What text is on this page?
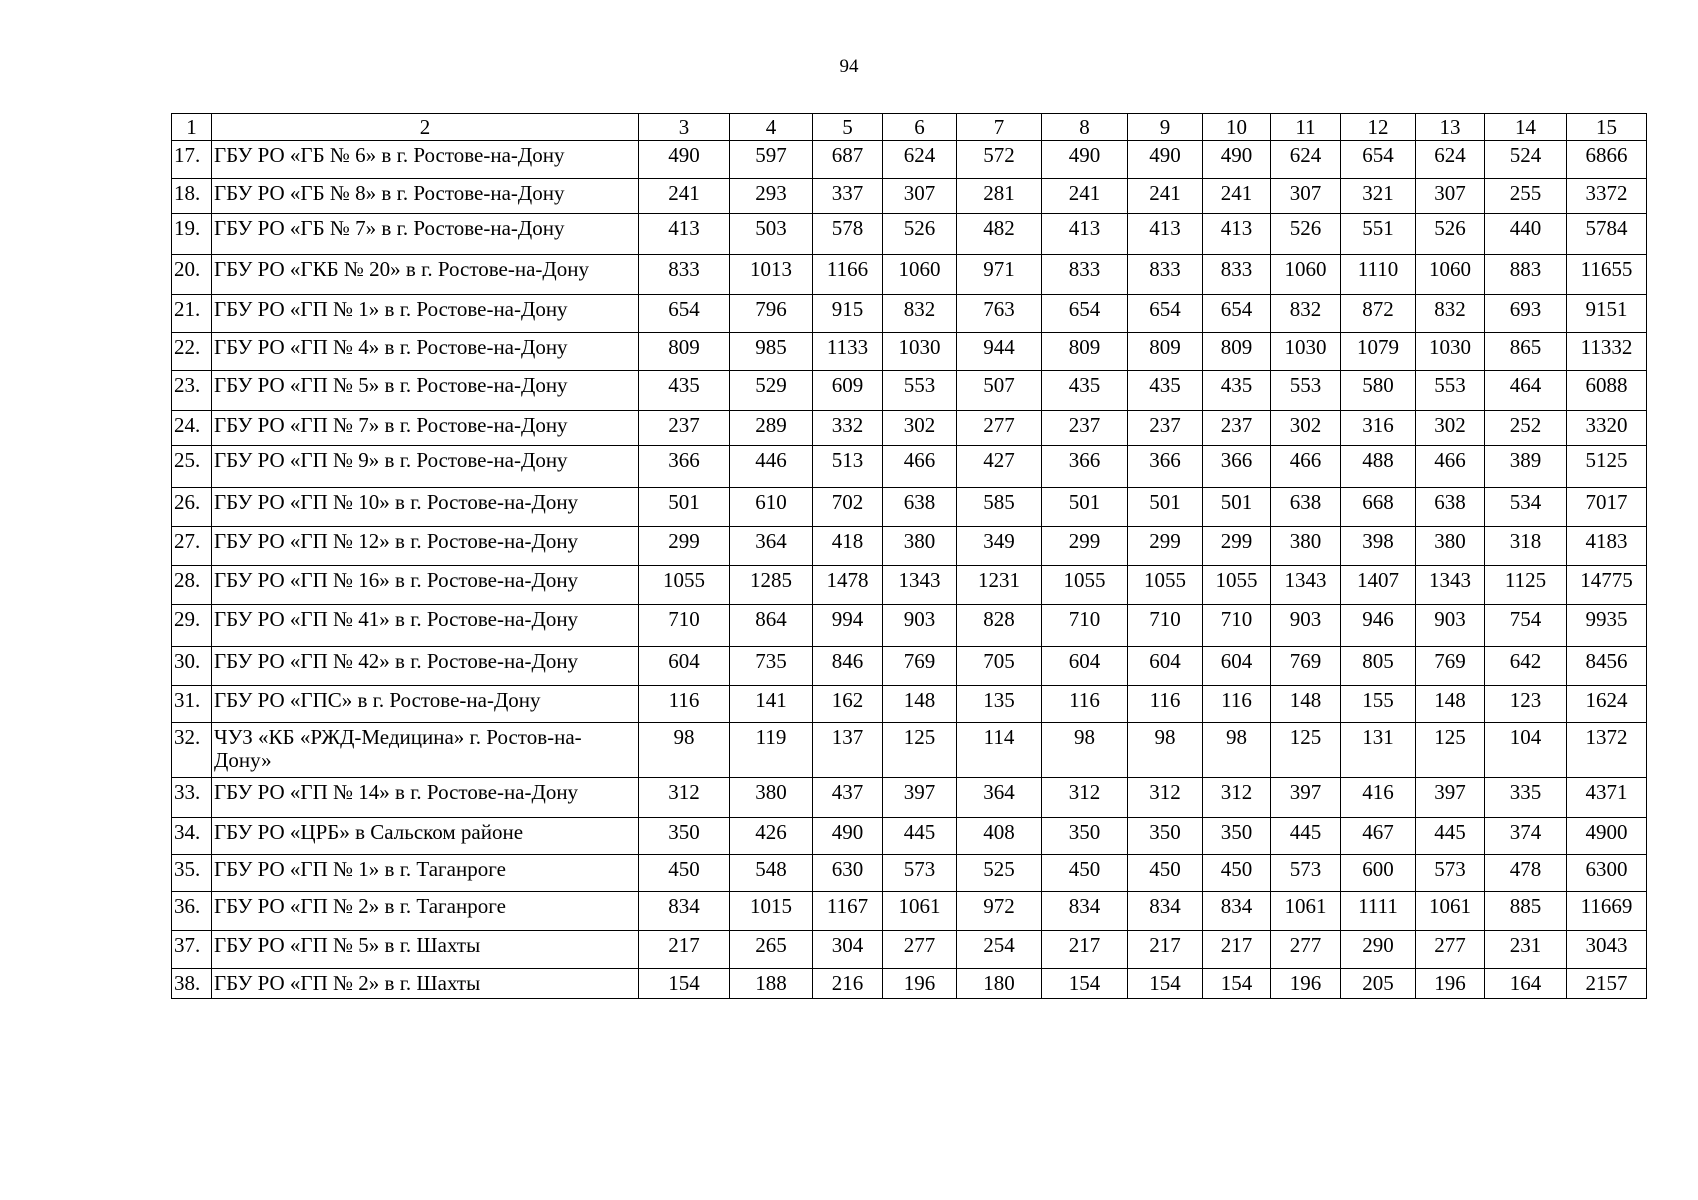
94
1	2	3	4	5	6	7	8	9	10	11	12	13	14	15
17.	ГБУ РО «ГБ № 6» в г. Ростове-на-Дону	490	597	687	624	572	490	490	490	624	654	624	524	6866
18.	ГБУ РО «ГБ № 8» в г. Ростове-на-Дону	241	293	337	307	281	241	241	241	307	321	307	255	3372
19.	ГБУ РО «ГБ № 7» в г. Ростове-на-Дону	413	503	578	526	482	413	413	413	526	551	526	440	5784
20.	ГБУ РО «ГКБ № 20» в г. Ростове-на-Дону	833	1013	1166	1060	971	833	833	833	1060	1110	1060	883	11655
21.	ГБУ РО «ГП № 1» в г. Ростове-на-Дону	654	796	915	832	763	654	654	654	832	872	832	693	9151
22.	ГБУ РО «ГП № 4» в г. Ростове-на-Дону	809	985	1133	1030	944	809	809	809	1030	1079	1030	865	11332
23.	ГБУ РО «ГП № 5» в г. Ростове-на-Дону	435	529	609	553	507	435	435	435	553	580	553	464	6088
24.	ГБУ РО «ГП № 7» в г. Ростове-на-Дону	237	289	332	302	277	237	237	237	302	316	302	252	3320
25.	ГБУ РО «ГП № 9» в г. Ростове-на-Дону	366	446	513	466	427	366	366	366	466	488	466	389	5125
26.	ГБУ РО «ГП № 10» в г. Ростове-на-Дону	501	610	702	638	585	501	501	501	638	668	638	534	7017
27.	ГБУ РО «ГП № 12» в г. Ростове-на-Дону	299	364	418	380	349	299	299	299	380	398	380	318	4183
28.	ГБУ РО «ГП № 16» в г. Ростове-на-Дону	1055	1285	1478	1343	1231	1055	1055	1055	1343	1407	1343	1125	14775
29.	ГБУ РО «ГП № 41» в г. Ростове-на-Дону	710	864	994	903	828	710	710	710	903	946	903	754	9935
30.	ГБУ РО «ГП № 42» в г. Ростове-на-Дону	604	735	846	769	705	604	604	604	769	805	769	642	8456
31.	ГБУ РО «ГПС» в г. Ростове-на-Дону	116	141	162	148	135	116	116	116	148	155	148	123	1624
32.	ЧУЗ «КБ «РЖД-Медицина» г. Ростов-на-Дону»	98	119	137	125	114	98	98	98	125	131	125	104	1372
33.	ГБУ РО «ГП № 14» в г. Ростове-на-Дону	312	380	437	397	364	312	312	312	397	416	397	335	4371
34.	ГБУ РО «ЦРБ» в Сальском районе	350	426	490	445	408	350	350	350	445	467	445	374	4900
35.	ГБУ РО «ГП № 1» в г. Таганроге	450	548	630	573	525	450	450	450	573	600	573	478	6300
36.	ГБУ РО «ГП № 2» в г. Таганроге	834	1015	1167	1061	972	834	834	834	1061	1111	1061	885	11669
37.	ГБУ РО «ГП № 5» в г. Шахты	217	265	304	277	254	217	217	217	277	290	277	231	3043
38.	ГБУ РО «ГП № 2» в г. Шахты	154	188	216	196	180	154	154	154	196	205	196	164	2157
